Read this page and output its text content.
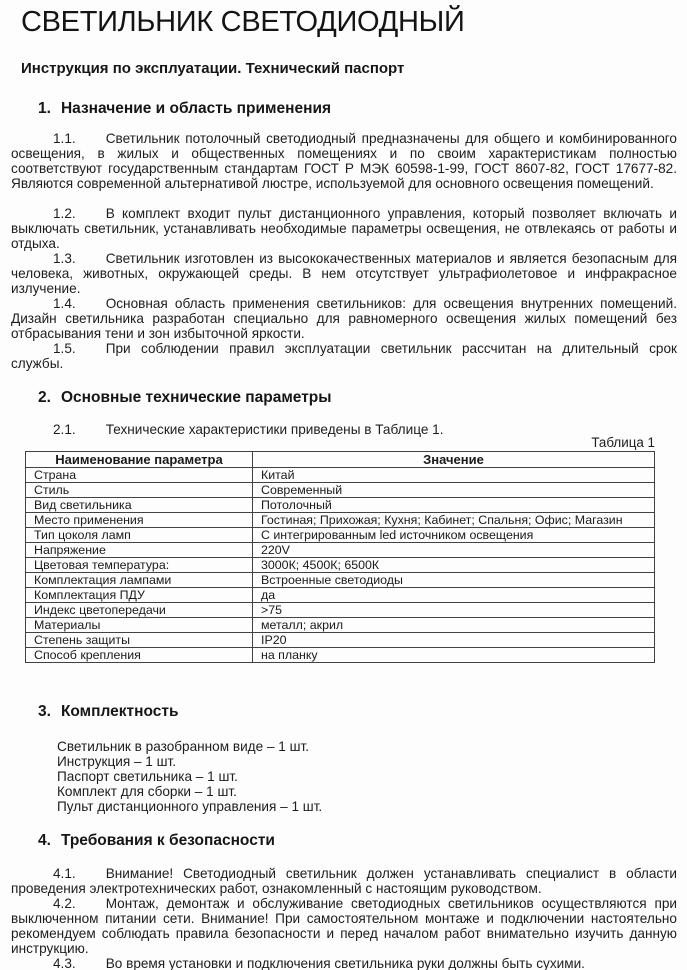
СВЕТИЛЬНИК СВЕТОДИОДНЫЙ
Инструкция по эксплуатации. Технический паспорт
1. Назначение и область применения

1.1. Светильник потолочный светодиодный предназначены для общего и комбинированного освещения, в жилых и общественных помещениях и по своим характеристикам полностью соответствуют государственным стандартам ГОСТ Р МЭК 60598-1-99, ГОСТ 8607-82, ГОСТ 17677-82. Являются современной альтернативой люстре, используемой для основного освещения помещений.

1.2. В комплект входит пульт дистанционного управления, который позволяет включать и выключать светильник, устанавливать необходимые параметры освещения, не отвлекаясь от работы и отдыха.

1.3. Светильник изготовлен из высококачественных материалов и является безопасным для человека, животных, окружающей среды. В нем отсутствует ультрафиолетовое и инфракрасное излучение.

1.4. Основная область применения светильников: для освещения внутренних помещений. Дизайн светильника разработан специально для равномерного освещения жилых помещений без отбрасывания тени и зон избыточной яркости.

1.5. При соблюдении правил эксплуатации светильник рассчитан на длительный срок службы.

2. Основные технические параметры

2.1. Технические характеристики приведены в Таблице 1.

Таблица 1
Наименование параметра	Значение
Страна	Китай
Стиль	Современный
Вид светильника	Потолочный
Место применения	Гостиная; Прихожая; Кухня; Кабинет; Спальня; Офис; Магазин
Тип цоколя ламп	С интегрированным led источником освещения
Напряжение	220V
Цветовая температура:	3000К; 4500К; 6500К
Комплектация лампами	Встроенные светодиоды
Комплектация ПДУ	да
Индекс цветопередачи	>75
Материалы	металл; акрил
Степень защиты	IP20
Способ крепления	на планку
3. Комплектность
Светильник в разобранном виде – 1 шт.
Инструкция – 1 шт.
Паспорт светильника – 1 шт.
Комплект для сборки – 1 шт.
Пульт дистанционного управления – 1 шт.
4. Требования к безопасности

4.1. Внимание! Светодиодный светильник должен устанавливать специалист в области проведения электротехнических работ, ознакомленный с настоящим руководством.

4.2. Монтаж, демонтаж и обслуживание светодиодных светильников осуществляются при выключенном питании сети. Внимание! При самостоятельном монтаже и подключении настоятельно рекомендуем соблюдать правила безопасности и перед началом работ внимательно изучить данную инструкцию.

4.3. Во время установки и подключения светильника руки должны быть сухими.
